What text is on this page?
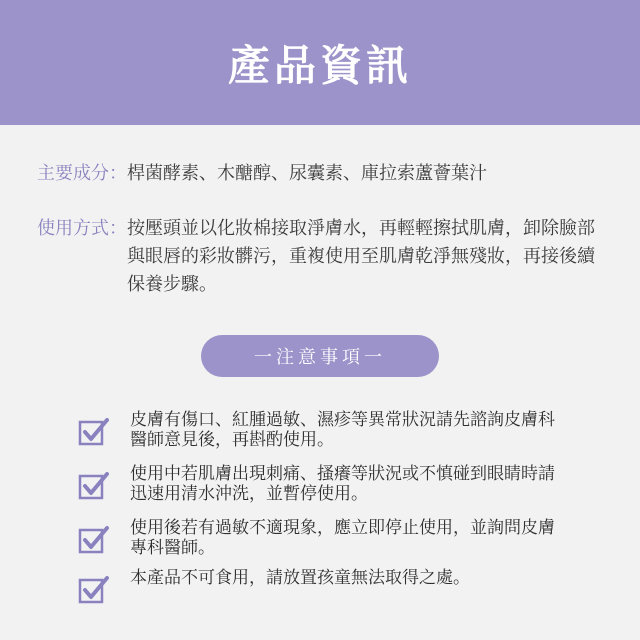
產品資訊
主要成分 ： 桿菌酵素、木醣醇、尿囊素、庫拉索蘆薈葉汁
使用方式 ： 按壓頭並以化妝棉接取淨膚水，再輕輕擦拭肌膚，卸除臉部與眼唇的彩妝髒污，重複使用至肌膚乾淨無殘妝，再接後續保養步驟。
一注意事項一
皮膚有傷口、紅腫過敏、濕疹等異常狀況請先諮詢皮膚科醫師意見後，再斟酌使用。
使用中若肌膚出現刺痛、搔癢等狀況或不慎碰到眼睛時請迅速用清水沖洗，並暫停使用。
使用後若有過敏不適現象，應立即停止使用，並詢問皮膚專科醫師。
本產品不可食用，請放置孩童無法取得之處。
